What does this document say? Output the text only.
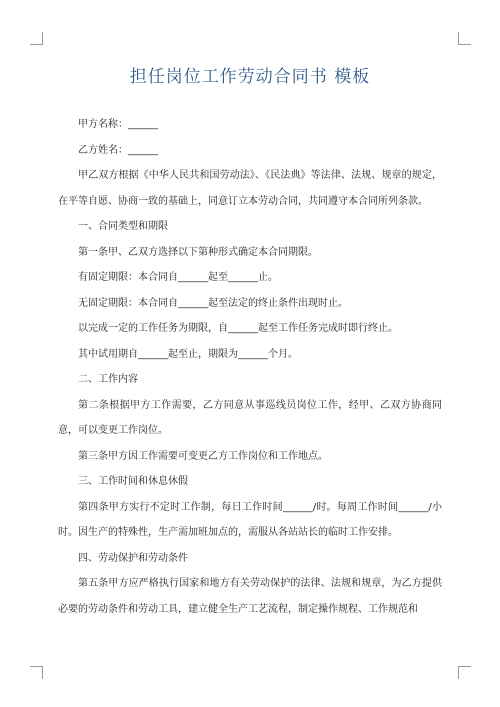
担任岗位工作劳动合同书 模板

甲方名称：______

乙方姓名：______

甲乙双方根据《中华人民共和国劳动法》、《民法典》等法律、法规、规章的规定，在平等自愿、协商一致的基础上，同意订立本劳动合同，共同遵守本合同所列条款。

一、合同类型和期限

第一条甲、乙双方选择以下第种形式确定本合同期限。

有固定期限：本合同自______起至______止。

无固定期限：本合同自______起至法定的终止条件出现时止。

以完成一定的工作任务为期限，自______起至工作任务完成时即行终止。

其中试用期自______起至止，期限为______个月。

二、工作内容

第二条根据甲方工作需要，乙方同意从事巡线员岗位工作，经甲、乙双方协商同意，可以变更工作岗位。

第三条甲方因工作需要可变更乙方工作岗位和工作地点。

三、工作时间和休息休假

第四条甲方实行不定时工作制，每日工作时间______/时。每周工作时间______/小时。因生产的特殊性，生产需加班加点的，需服从各站站长的临时工作安排。

四、劳动保护和劳动条件

第五条甲方应严格执行国家和地方有关劳动保护的法律、法规和规章，为乙方提供必要的劳动条件和劳动工具，建立健全生产工艺流程，制定操作规程、工作规范和
